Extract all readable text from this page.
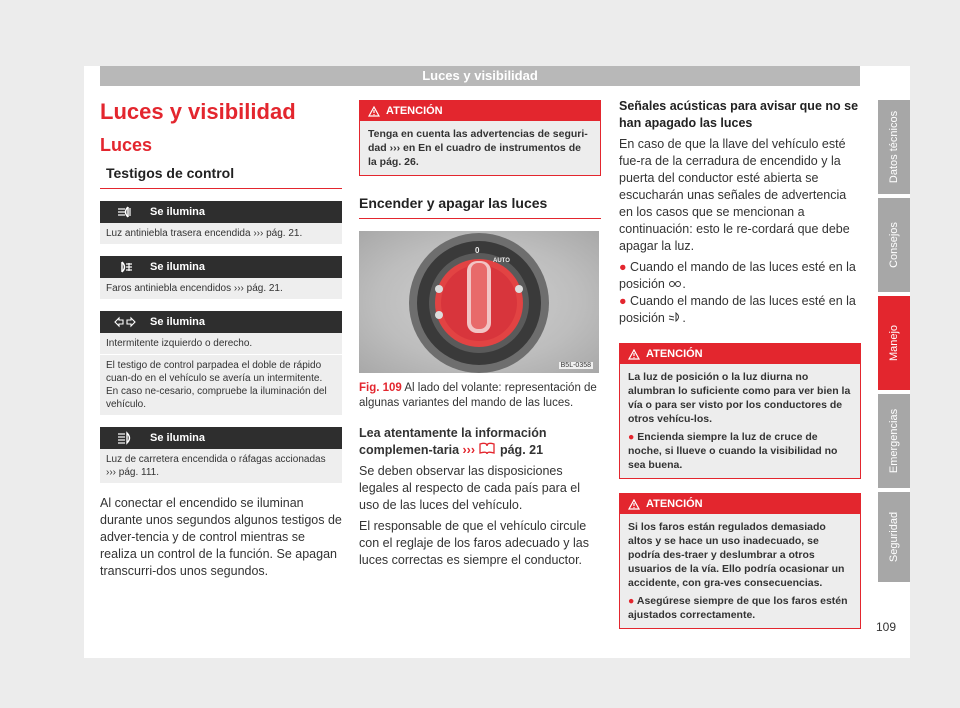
Luces y visibilidad
Luces y visibilidad
Luces
Testigos de control
Se ilumina
Luz antiniebla trasera encendida ››› pág. 21.
Se ilumina
Faros antiniebla encendidos ››› pág. 21.
Se ilumina
Intermitente izquierdo o derecho.
El testigo de control parpadea el doble de rápido cuan-do en el vehículo se avería un intermitente. En caso ne-cesario, compruebe la iluminación del vehículo.
Se ilumina
Luz de carretera encendida o ráfagas accionadas ››› pág. 111.
Al conectar el encendido se iluminan durante unos segundos algunos testigos de adver-tencia y de control mientras se realiza un control de la función. Se apagan transcurri-dos unos segundos.
ATENCIÓN
Tenga en cuenta las advertencias de seguri-dad ››› en En el cuadro de instrumentos de la pág. 26.
Encender y apagar las luces
0
AUTO
B5L-0358
Fig. 109 Al lado del volante: representación de algunas variantes del mando de las luces.
Lea atentamente la información complemen-taria ›››  pág. 21
Se deben observar las disposiciones legales al respecto de cada país para el uso de las luces del vehículo.
El responsable de que el vehículo circule con el reglaje de los faros adecuado y las luces correctas es siempre el conductor.
Señales acústicas para avisar que no se han apagado las luces
En caso de que la llave del vehículo esté fue-ra de la cerradura de encendido y la puerta del conductor esté abierta se escucharán unas señales de advertencia en los casos que se mencionan a continuación: esto le re-cordará que debe apagar la luz.
● Cuando el mando de las luces esté en la posición .
● Cuando el mando de las luces esté en la posición .
ATENCIÓN
La luz de posición o la luz diurna no alumbran lo suficiente como para ver bien la vía o para ser visto por los conductores de otros vehícu-los.
● Encienda siempre la luz de cruce de noche, si llueve o cuando la visibilidad no sea buena.
ATENCIÓN
Si los faros están regulados demasiado altos y se hace un uso inadecuado, se podría des-traer y deslumbrar a otros usuarios de la vía. Ello podría ocasionar un accidente, con gra-ves consecuencias.
● Asegúrese siempre de que los faros estén ajustados correctamente.
Datos técnicos
Consejos
Manejo
Emergencias
Seguridad
109
